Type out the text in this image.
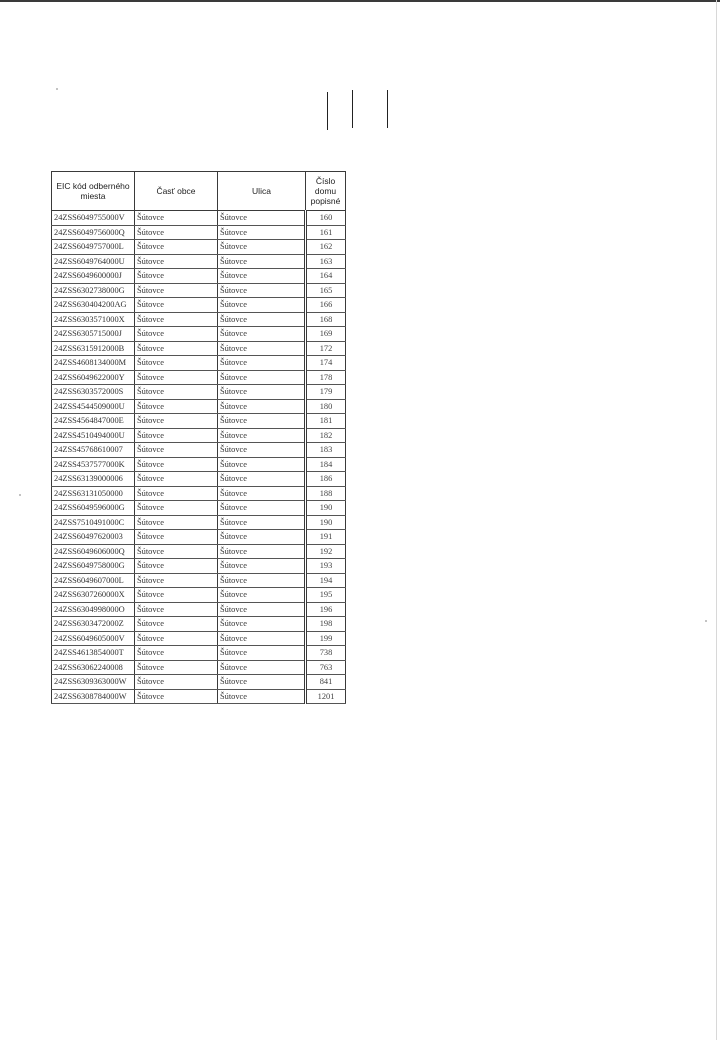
EIC kód odberného miesta	Časť obce	Ulica	Číslo domu popisné
24ZSS6049755000V	Šútovce	Šútovce	160
24ZSS6049756000Q	Šútovce	Šútovce	161
24ZSS6049757000L	Šútovce	Šútovce	162
24ZSS6049764000U	Šútovce	Šútovce	163
24ZSS6049600000J	Šútovce	Šútovce	164
24ZSS6302738000G	Šútovce	Šútovce	165
24ZSS630404200AG	Šútovce	Šútovce	166
24ZSS6303571000X	Šútovce	Šútovce	168
24ZSS6305715000J	Šútovce	Šútovce	169
24ZSS6315912000B	Šútovce	Šútovce	172
24ZSS4608134000M	Šútovce	Šútovce	174
24ZSS6049622000Y	Šútovce	Šútovce	178
24ZSS6303572000S	Šútovce	Šútovce	179
24ZSS4544509000U	Šútovce	Šútovce	180
24ZSS4564847000E	Šútovce	Šútovce	181
24ZSS4510494000U	Šútovce	Šútovce	182
24ZSS45768610007	Šútovce	Šútovce	183
24ZSS4537577000K	Šútovce	Šútovce	184
24ZSS63139000006	Šútovce	Šútovce	186
24ZSS63131050000	Šútovce	Šútovce	188
24ZSS6049596000G	Šútovce	Šútovce	190
24ZSS7510491000C	Šútovce	Šútovce	190
24ZSS60497620003	Šútovce	Šútovce	191
24ZSS6049606000Q	Šútovce	Šútovce	192
24ZSS6049758000G	Šútovce	Šútovce	193
24ZSS6049607000L	Šútovce	Šútovce	194
24ZSS6307260000X	Šútovce	Šútovce	195
24ZSS6304998000O	Šútovce	Šútovce	196
24ZSS6303472000Z	Šútovce	Šútovce	198
24ZSS6049605000V	Šútovce	Šútovce	199
24ZSS4613854000T	Šútovce	Šútovce	738
24ZSS63062240008	Šútovce	Šútovce	763
24ZSS6309363000W	Šútovce	Šútovce	841
24ZSS6308784000W	Šútovce	Šútovce	1201
